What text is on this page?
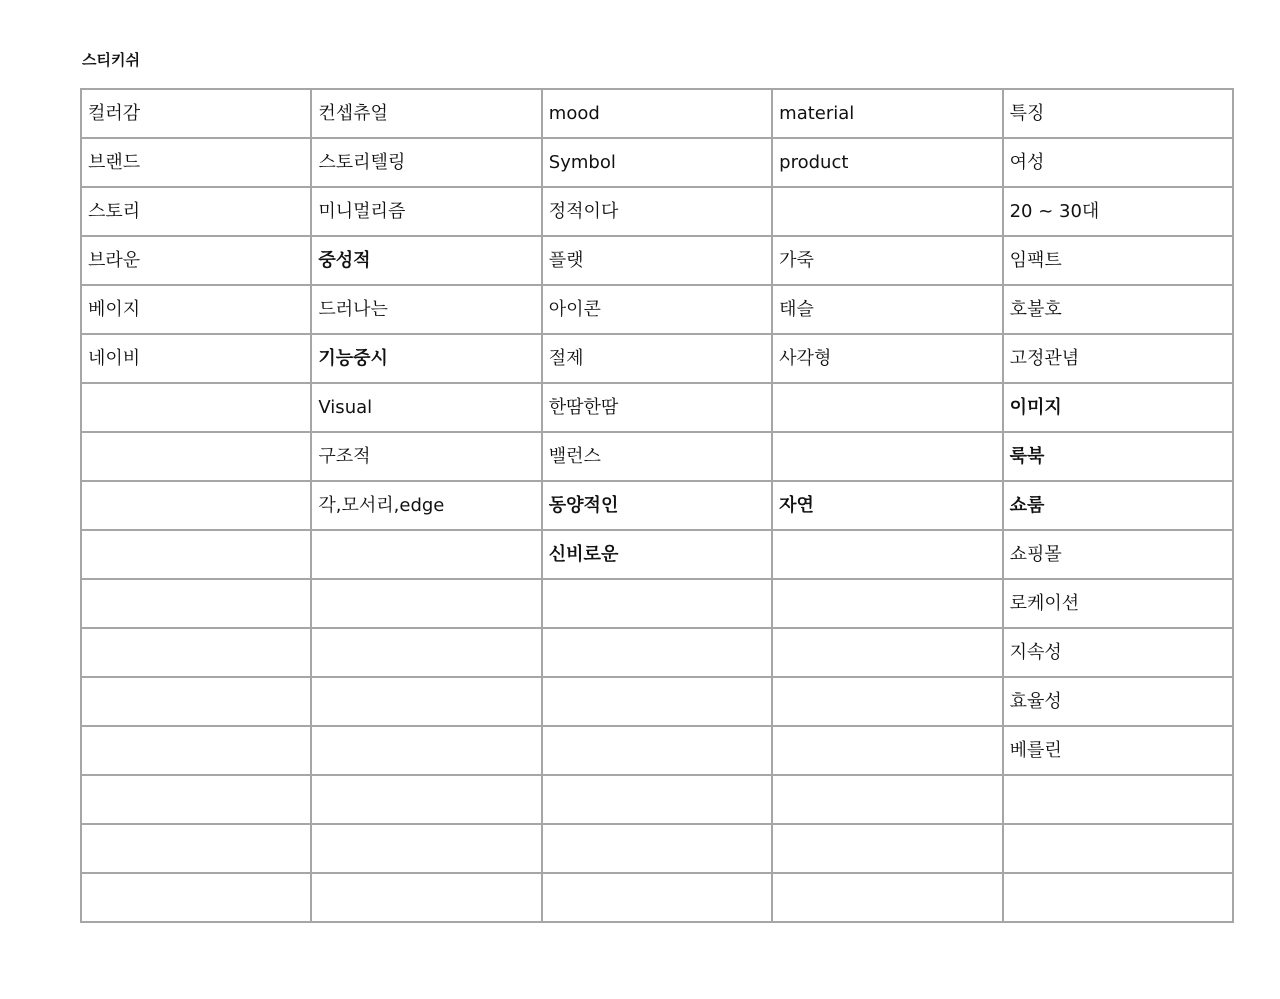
스티키쉬
컬러감	컨셉츄얼	mood	material	특징
브랜드	스토리텔링	Symbol	product	여성
스토리	미니멀리즘	정적이다		20 ~ 30대
브라운	중성적	플랫	가죽	임팩트
베이지	드러나는	아이콘	태슬	호불호
네이비	기능중시	절제	사각형	고정관념
	Visual	한땀한땀		이미지
	구조적	밸런스		룩북
	각,모서리,edge	동양적인	자연	쇼룸
		신비로운		쇼핑몰
				로케이션
				지속성
				효율성
				베를린
